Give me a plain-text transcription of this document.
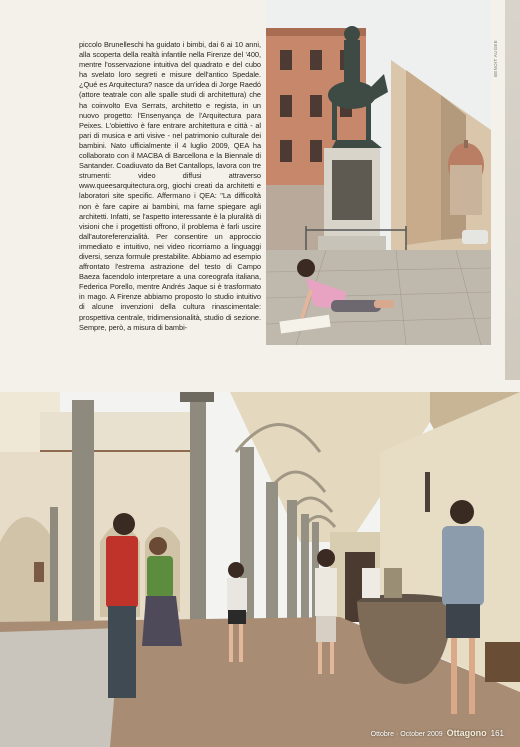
piccolo Brunelleschi ha guidato i bimbi, dai 6 ai 10 anni, alla scoperta della realtà infantile nella Firenze del '400, mentre l'osservazione intuitiva del quadrato e del cubo ha svelato loro segreti e misure dell'antico Spedale. ¿Qué es Arquitectura? nasce da un'idea di Jorge Raedó (attore teatrale con alle spalle studi di architettura) che ha coinvolto Eva Serrats, architetto e regista, in un nuovo progetto: l'Ensenyança de l'Arquitectura para Peixes. L'obiettivo è fare entrare architettura e città - al pari di musica e arti visive - nel patrimonio culturale dei bambini. Nato ufficialmente il 4 luglio 2009, QEA ha collaborato con il MACBA di Barcellona e la Biennale di Santander. Coadiuvato da Bet Cantallops, lavora con tre strumenti: video diffusi attraverso www.queesarquitectura.org, giochi creati da architetti e laboratori site specific. Affermano i QEA: "La difficoltà non è fare capire ai bambini, ma farne spiegare agli architetti. Infatti, se l'aspetto interessante è la pluralità di visioni che i progettisti offrono, il problema è farli uscire dall'autoreferenzialità. Per consentire un approccio immediato e intuitivo, nei video ricorriamo a linguaggi diversi, senza formule prestabilite. Abbiamo ad esempio affrontato l'estrema astrazione del testo di Campo Baeza facendolo interpretare a una coreografa italiana, Federica Porello, mentre Andrés Jaque si è trasformato in mago. A Firenze abbiamo proposto lo studio intuitivo di alcune invenzioni della cultura rinascimentale: prospettiva centrale, tridimensionalità, studio di sezione. Sempre, però, a misura di bambi-
BENOIT AUGEE
Ottobre · October 2009 Ottagono 161
